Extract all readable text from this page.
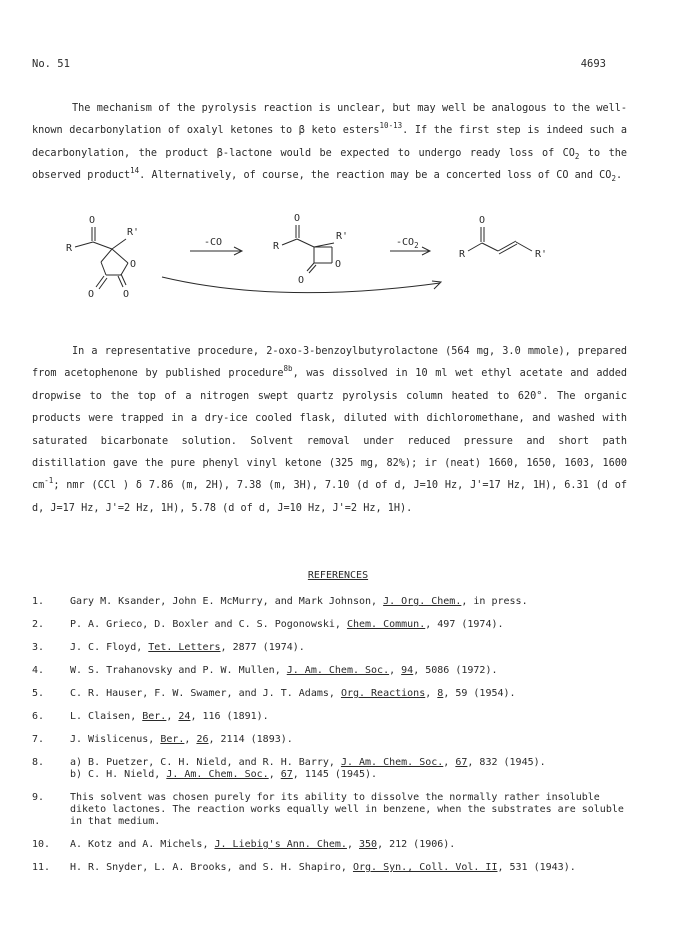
No. 51	4693

The mechanism of the pyrolysis reaction is unclear, but may well be analogous to the well-known decarbonylation of oxalyl ketones to β keto esters$^{10-13}$. If the first step is indeed such a decarbonylation, the product β-lactone would be expected to undergo ready loss of $CO_2$ to the observed product$^{14}$. Alternatively, of course, the reaction may be a concerted loss of CO and $CO_2$.

O
R
R'
O
O	O
-CO
O
R
R'
O
O
$-CO_2$
O
R	R'

In a representative procedure, 2-oxo-3-benzoylbutyrolactone (564 mg, 3.0 mmole), prepared from acetophenone by published procedure$^{8b}$, was dissolved in 10 ml wet ethyl acetate and added dropwise to the top of a nitrogen swept quartz pyrolysis column heated to 620°. The organic products were trapped in a dry-ice cooled flask, diluted with dichloromethane, and washed with saturated bicarbonate solution. Solvent removal under reduced pressure and short path distillation gave the pure phenyl vinyl ketone (325 mg, 82%); ir (neat) 1660, 1650, 1603, 1600 $cm^{-1}$; nmr (CCl ) δ 7.86 (m, 2H), 7.38 (m, 3H), 7.10 (d of d, J=10 Hz, J'=17 Hz, 1H), 6.31 (d of d, J=17 Hz, J'=2 Hz, 1H), 5.78 (d of d, J=10 Hz, J'=2 Hz, 1H).

REFERENCES
1.	Gary M. Ksander, John E. McMurry, and Mark Johnson, J. Org. Chem., in press.
2.	P. A. Grieco, D. Boxler and C. S. Pogonowski, Chem. Commun., 497 (1974).
3.	J. C. Floyd, Tet. Letters, 2877 (1974).
4.	W. S. Trahanovsky and P. W. Mullen, J. Am. Chem. Soc., 94, 5086 (1972).
5.	C. R. Hauser, F. W. Swamer, and J. T. Adams, Org. Reactions, 8, 59 (1954).
6.	L. Claisen, Ber., 24, 116 (1891).
7.	J. Wislicenus, Ber., 26, 2114 (1893).
8.	a) B. Puetzer, C. H. Nield, and R. H. Barry, J. Am. Chem. Soc., 67, 832 (1945).
b) C. H. Nield, J. Am. Chem. Soc., 67, 1145 (1945).
9.	This solvent was chosen purely for its ability to dissolve the normally rather insoluble diketo lactones. The reaction works equally well in benzene, when the substrates are soluble in that medium.
10.	A. Kotz and A. Michels, J. Liebig's Ann. Chem., 350, 212 (1906).
11.	H. R. Snyder, L. A. Brooks, and S. H. Shapiro, Org. Syn., Coll. Vol. II, 531 (1943).
